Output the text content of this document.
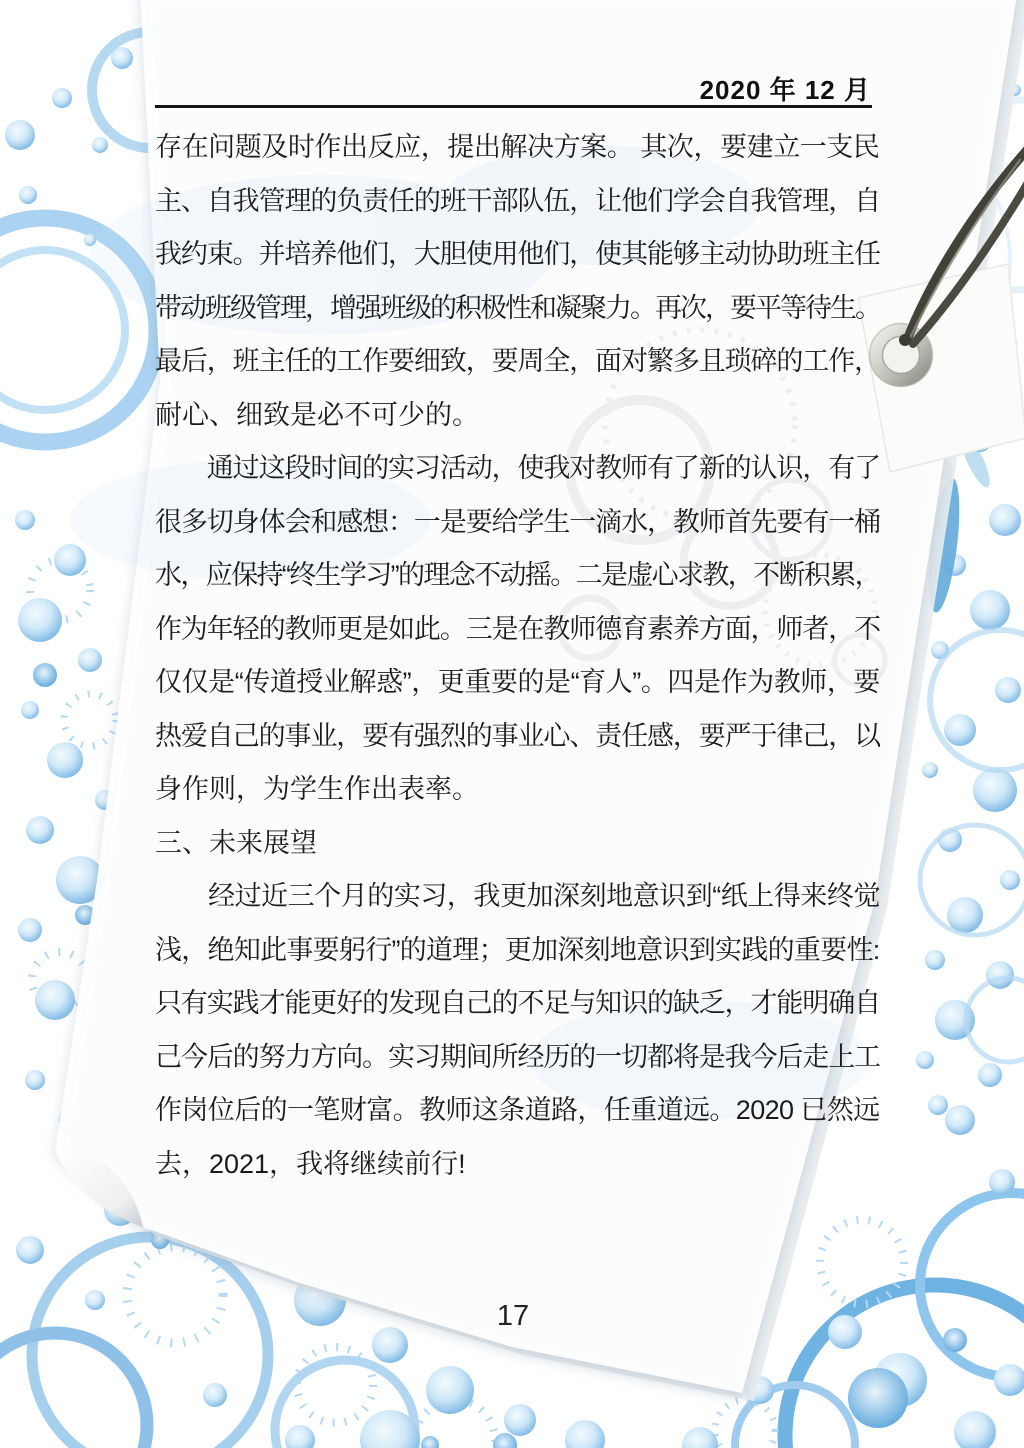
2020 年 12 月
存在问题及时作出反应，提出解决方案。 其次，要建立一支民
主、自我管理的负责任的班干部队伍，让他们学会自我管理，自
我约束。并培养他们，大胆使用他们，使其能够主动协助班主任
带动班级管理，增强班级的积极性和凝聚力。再次，要平等待生。
最后，班主任的工作要细致，要周全，面对繁多且琐碎的工作，
耐心、细致是必不可少的。
　　通过这段时间的实习活动，使我对教师有了新的认识，有了
很多切身体会和感想：一是要给学生一滴水，教师首先要有一桶
水，应保持“终生学习”的理念不动摇。二是虚心求教，不断积累，
作为年轻的教师更是如此。三是在教师德育素养方面，师者，不
仅仅是“传道授业解惑”，更重要的是“育人”。四是作为教师，要
热爱自己的事业，要有强烈的事业心、责任感，要严于律己，以
身作则，为学生作出表率。
三、未来展望
　　经过近三个月的实习，我更加深刻地意识到“纸上得来终觉
浅，绝知此事要躬行”的道理；更加深刻地意识到实践的重要性:
只有实践才能更好的发现自己的不足与知识的缺乏，才能明确自
己今后的努力方向。实习期间所经历的一切都将是我今后走上工
作岗位后的一笔财富。教师这条道路，任重道远。2020 已然远
去，2021，我将继续前行!
17
